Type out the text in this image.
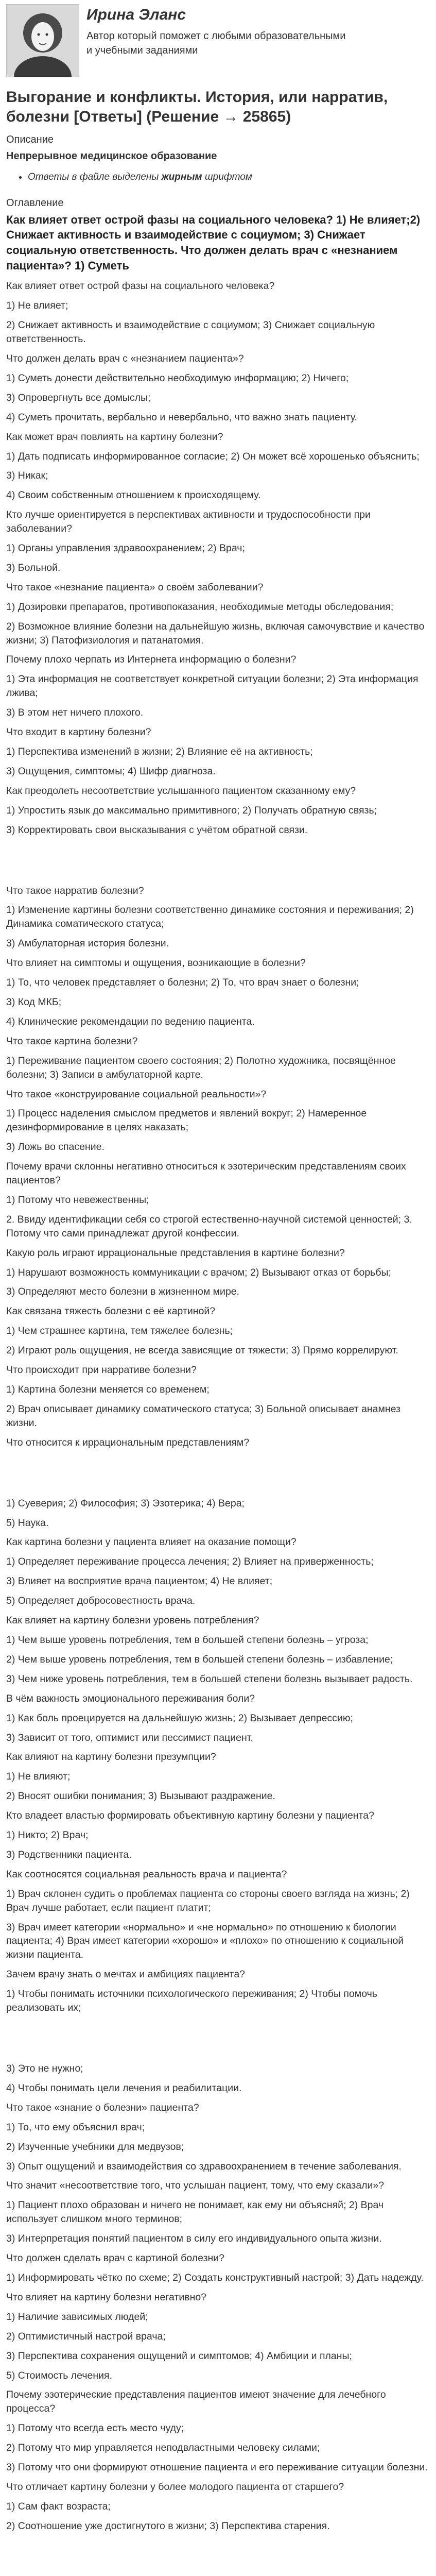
Ирина Эланс

Автор который поможет с любыми образовательными и учебными заданиями

Выгорание и конфликты. История, или нарратив, болезни [Ответы] (Решение → 25865)

Описание

Непрерывное медицинское образование

• Ответы в файле выделены жирным шрифтом

Оглавление

Как влияет ответ острой фазы на социального человека? 1) Не влияет;2) Снижает активность и взаимодействие с социумом; 3) Снижает социальную ответственность. Что должен делать врач с «незнанием пациента»? 1) Суметь

Как влияет ответ острой фазы на социального человека?

1) Не влияет;

2) Снижает активность и взаимодействие с социумом; 3) Снижает социальную ответственность.

Что должен делать врач с «незнанием пациента»?

1) Суметь донести действительно необходимую информацию; 2) Ничего;

3) Опровергнуть все домыслы;

4) Суметь прочитать, вербально и невербально, что важно знать пациенту.

Как может врач повлиять на картину болезни?

1) Дать подписать информированное согласие; 2) Он может всё хорошенько объяснить;

3) Никак;

4) Своим собственным отношением к происходящему.

Кто лучше ориентируется в перспективах активности и трудоспособности при заболевании?

1) Органы управления здравоохранением; 2) Врач;

3) Больной.

Что такое «незнание пациента» о своём заболевании?

1) Дозировки препаратов, противопоказания, необходимые методы обследования;

2) Возможное влияние болезни на дальнейшую жизнь, включая самочувствие и качество жизни; 3) Патофизиология и патанатомия.

Почему плохо черпать из Интернета информацию о болезни?

1) Эта информация не соответствует конкретной ситуации болезни; 2) Эта информация лжива;

3) В этом нет ничего плохого.

Что входит в картину болезни?

1) Перспектива изменений в жизни; 2) Влияние её на активность;

3) Ощущения, симптомы; 4) Шифр диагноза.

Как преодолеть несоответствие услышанного пациентом сказанному ему?

1) Упростить язык до максимально примитивного; 2) Получать обратную связь;

3) Корректировать свои высказывания с учётом обратной связи.

Что такое нарратив болезни?

1) Изменение картины болезни соответственно динамике состояния и переживания; 2) Динамика соматического статуса;

3) Амбулаторная история болезни.

Что влияет на симптомы и ощущения, возникающие в болезни?

1) То, что человек представляет о болезни; 2) То, что врач знает о болезни;

3) Код МКБ;

4) Клинические рекомендации по ведению пациента.

Что такое картина болезни?

1) Переживание пациентом своего состояния; 2) Полотно художника, посвящённое болезни; 3) Записи в амбулаторной карте.

Что такое «конструирование социальной реальности»?

1) Процесс наделения смыслом предметов и явлений вокруг; 2) Намеренное дезинформирование в целях наказать;

3) Ложь во спасение.

Почему врачи склонны негативно относиться к эзотерическим представлениям своих пациентов?

1) Потому что невежественны;

2. Ввиду идентификации себя со строгой естественно-научной системой ценностей; 3. Потому что сами принадлежат другой конфессии.

Какую роль играют иррациональные представления в картине болезни?

1) Нарушают возможность коммуникации с врачом; 2) Вызывают отказ от борьбы;

3) Определяют место болезни в жизненном мире.

Как связана тяжесть болезни с её картиной?

1) Чем страшнее картина, тем тяжелее болезнь;

2) Играют роль ощущения, не всегда зависящие от тяжести; 3) Прямо коррелируют.

Что происходит при нарративе болезни?

1) Картина болезни меняется со временем;

2) Врач описывает динамику соматического статуса; 3) Больной описывает анамнез жизни.

Что относится к иррациональным представлениям?

1) Суеверия; 2) Философия; 3) Эзотерика; 4) Вера;

5) Наука.

Как картина болезни у пациента влияет на оказание помощи?

1) Определяет переживание процесса лечения; 2) Влияет на приверженность;

3) Влияет на восприятие врача пациентом; 4) Не влияет;

5) Определяет добросовестность врача.

Как влияет на картину болезни уровень потребления?

1) Чем выше уровень потребления, тем в большей степени болезнь – угроза;

2) Чем выше уровень потребления, тем в большей степени болезнь – избавление;

3) Чем ниже уровень потребления, тем в большей степени болезнь вызывает радость.

В чём важность эмоционального переживания боли?

1) Как боль проецируется на дальнейшую жизнь; 2) Вызывает депрессию;

3) Зависит от того, оптимист или пессимист пациент.

Как влияют на картину болезни презумпции?

1) Не влияют;

2) Вносят ошибки понимания; 3) Вызывают раздражение.

Кто владеет властью формировать объективную картину болезни у пациента?

1) Никто; 2) Врач;

3) Родственники пациента.

Как соотносятся социальная реальность врача и пациента?

1) Врач склонен судить о проблемах пациента со стороны своего взгляда на жизнь; 2) Врач лучше работает, если пациент платит;

3) Врач имеет категории «нормально» и «не нормально» по отношению к биологии пациента; 4) Врач имеет категории «хорошо» и «плохо» по отношению к социальной жизни пациента.

Зачем врачу знать о мечтах и амбициях пациента?

1) Чтобы понимать источники психологического переживания; 2) Чтобы помочь реализовать их;

3) Это не нужно;

4) Чтобы понимать цели лечения и реабилитации.

Что такое «знание о болезни» пациента?

1) То, что ему объяснил врач;

2) Изученные учебники для медвузов;

3) Опыт ощущений и взаимодействия со здравоохранением в течение заболевания.

Что значит «несоответствие того, что услышан пациент, тому, что ему сказали»?

1) Пациент плохо образован и ничего не понимает, как ему ни объясняй; 2) Врач использует слишком много терминов;

3) Интерпретация понятий пациентом в силу его индивидуального опыта жизни.

Что должен сделать врач с картиной болезни?

1) Информировать чётко по схеме; 2) Создать конструктивный настрой; 3) Дать надежду.

Что влияет на картину болезни негативно?

1) Наличие зависимых людей;

2) Оптимистичный настрой врача;

3) Перспектива сохранения ощущений и симптомов; 4) Амбиции и планы;

5) Стоимость лечения.

Почему эзотерические представления пациентов имеют значение для лечебного процесса?

1) Потому что всегда есть место чуду;

2) Потому что мир управляется неподвластными человеку силами;

3) Потому что они формируют отношение пациента и его переживание ситуации болезни.

Что отличает картину болезни у более молодого пациента от старшего?

1) Сам факт возраста;

2) Соотношение уже достигнутого в жизни; 3) Перспектива старения.
